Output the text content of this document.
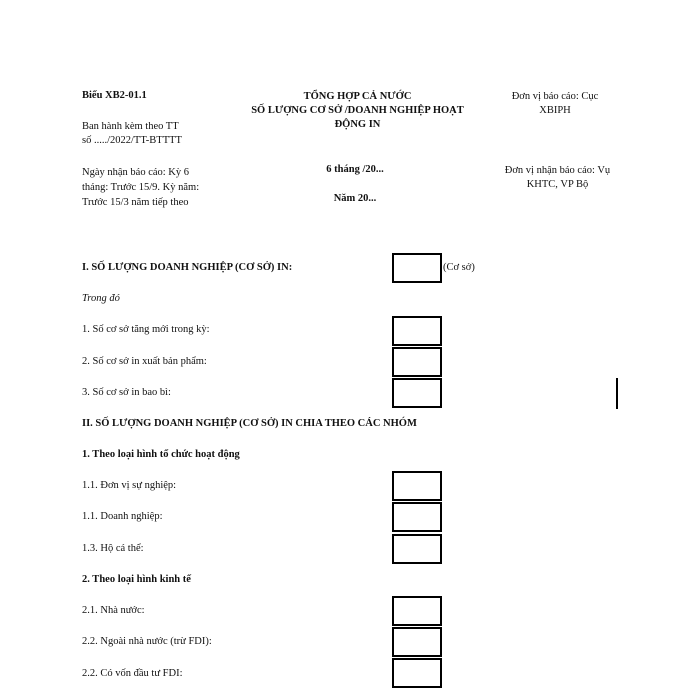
Biểu XB2-01.1
Ban hành kèm theo TT
số ...../2022/TT-BTTTT
TỔNG HỢP CẢ NƯỚC
SỐ LƯỢNG CƠ SỞ /DOANH NGHIỆP HOẠT
ĐỘNG IN
Đơn vị báo cáo: Cục
XBIPH
Ngày nhận báo cáo: Kỳ 6
tháng: Trước 15/9. Kỳ năm:
Trước 15/3 năm tiếp theo
6 tháng /20...
Năm 20...
Đơn vị nhận báo cáo: Vụ
KHTC, VP Bộ
I. SỐ LƯỢNG DOANH NGHIỆP (CƠ SỞ) IN:	(Cơ sở)
Trong đó
1. Số cơ sở tăng mới trong kỳ:
2. Số cơ sở in xuất bản phẩm:
3. Số cơ sở in bao bì:
II. SỐ LƯỢNG DOANH NGHIỆP (CƠ SỞ) IN CHIA THEO CÁC NHÓM
1. Theo loại hình tổ chức hoạt động
1.1. Đơn vị sự nghiệp:
1.1. Doanh nghiệp:
1.3. Hộ cá thể:
2. Theo loại hình kinh tế
2.1. Nhà nước:
2.2. Ngoài nhà nước (trừ FDI):
2.2. Có vốn đầu tư FDI:
